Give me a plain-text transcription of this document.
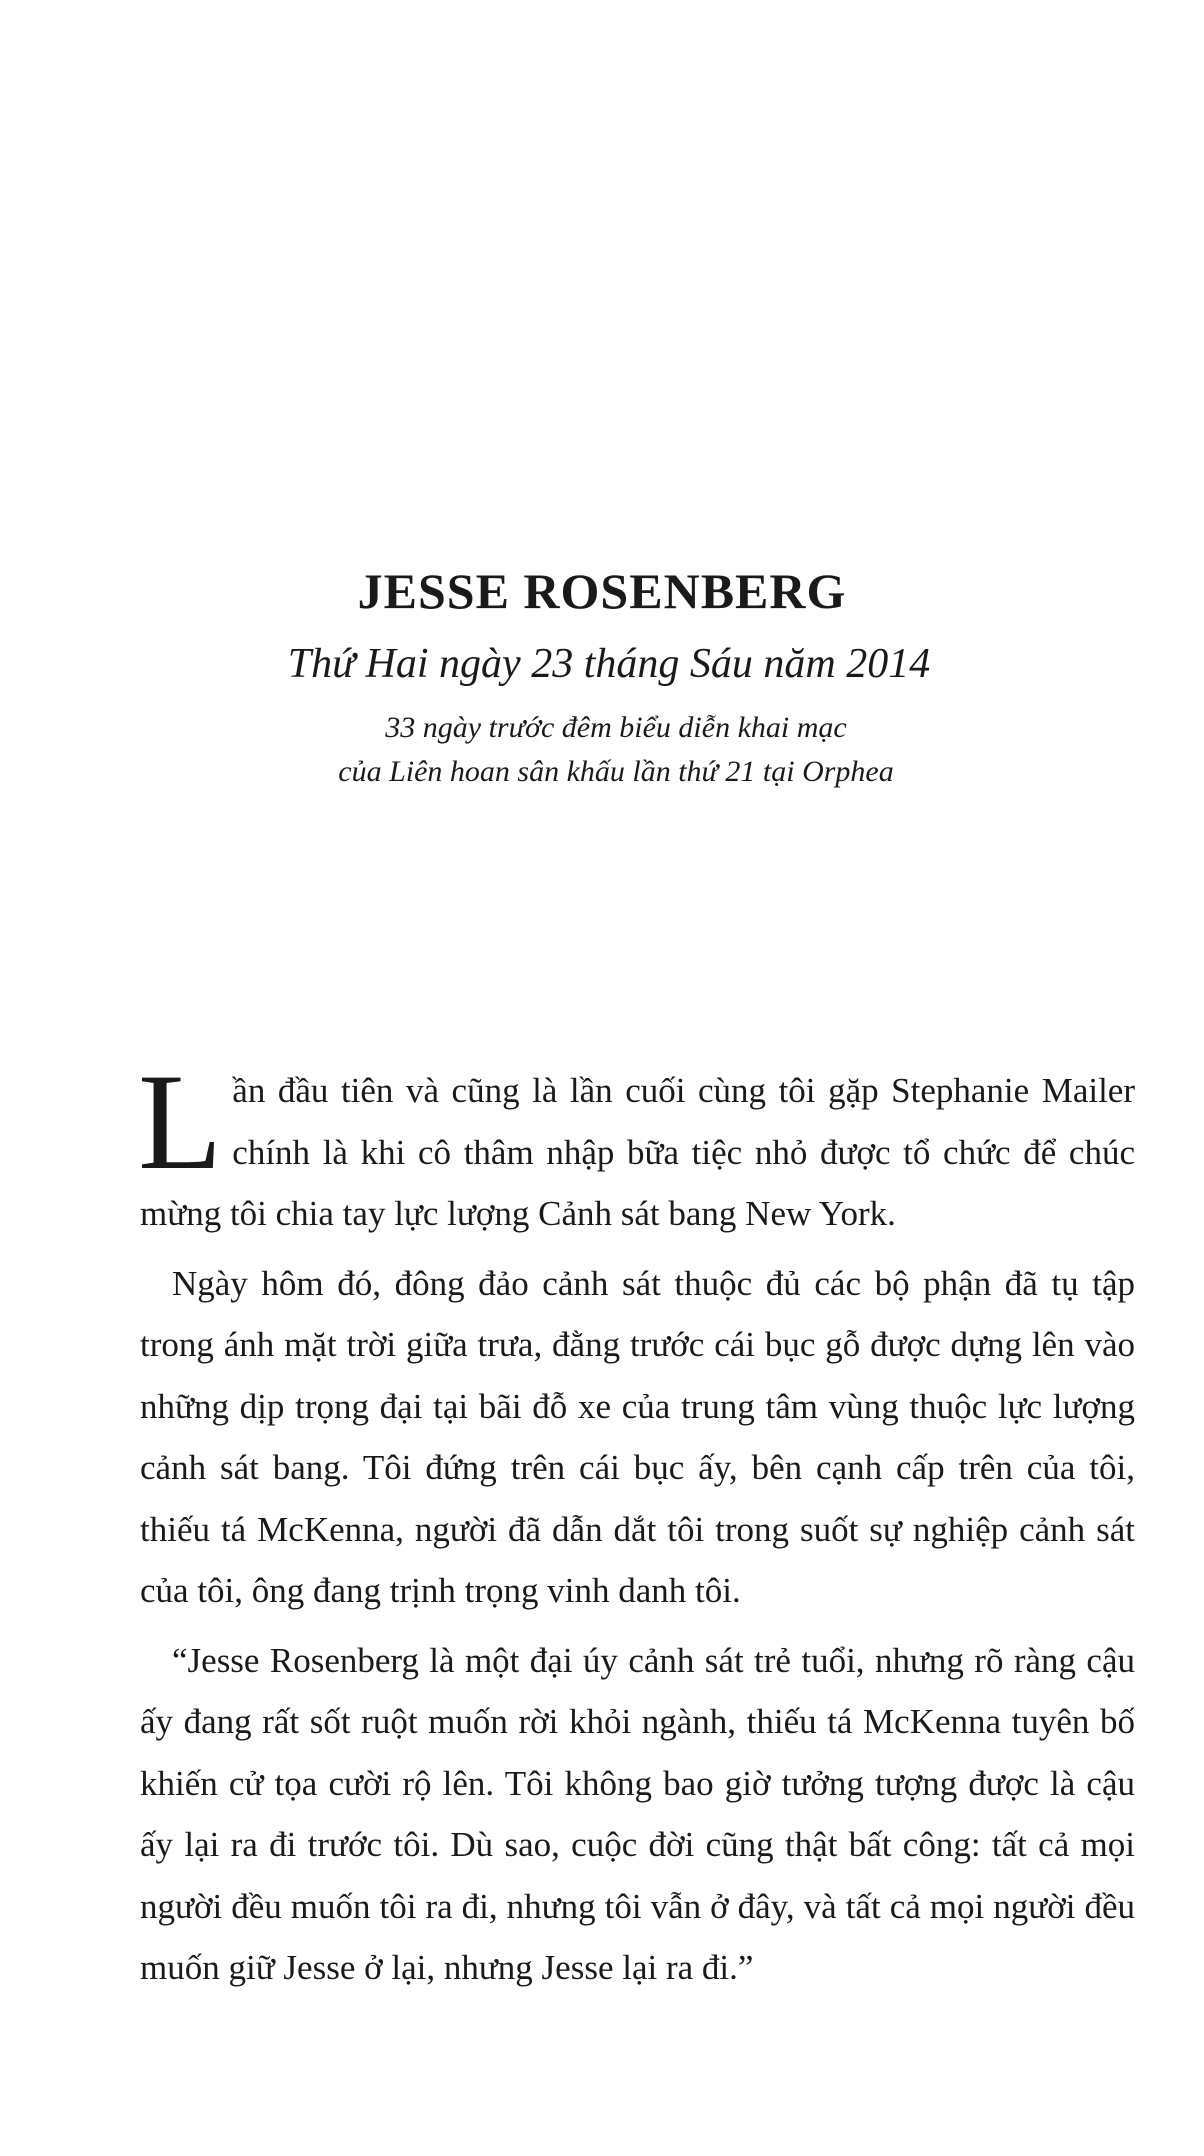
JESSE ROSENBERG
Thứ Hai ngày 23 tháng Sáu năm 2014
33 ngày trước đêm biểu diễn khai mạc
của Liên hoan sân khấu lần thứ 21 tại Orphea

Lần đầu tiên và cũng là lần cuối cùng tôi gặp Stephanie Mailer chính là khi cô thâm nhập bữa tiệc nhỏ được tổ chức để chúc mừng tôi chia tay lực lượng Cảnh sát bang New York.

Ngày hôm đó, đông đảo cảnh sát thuộc đủ các bộ phận đã tụ tập trong ánh mặt trời giữa trưa, đằng trước cái bục gỗ được dựng lên vào những dịp trọng đại tại bãi đỗ xe của trung tâm vùng thuộc lực lượng cảnh sát bang. Tôi đứng trên cái bục ấy, bên cạnh cấp trên của tôi, thiếu tá McKenna, người đã dẫn dắt tôi trong suốt sự nghiệp cảnh sát của tôi, ông đang trịnh trọng vinh danh tôi.

“Jesse Rosenberg là một đại úy cảnh sát trẻ tuổi, nhưng rõ ràng cậu ấy đang rất sốt ruột muốn rời khỏi ngành, thiếu tá McKenna tuyên bố khiến cử tọa cười rộ lên. Tôi không bao giờ tưởng tượng được là cậu ấy lại ra đi trước tôi. Dù sao, cuộc đời cũng thật bất công: tất cả mọi người đều muốn tôi ra đi, nhưng tôi vẫn ở đây, và tất cả mọi người đều muốn giữ Jesse ở lại, nhưng Jesse lại ra đi.”
